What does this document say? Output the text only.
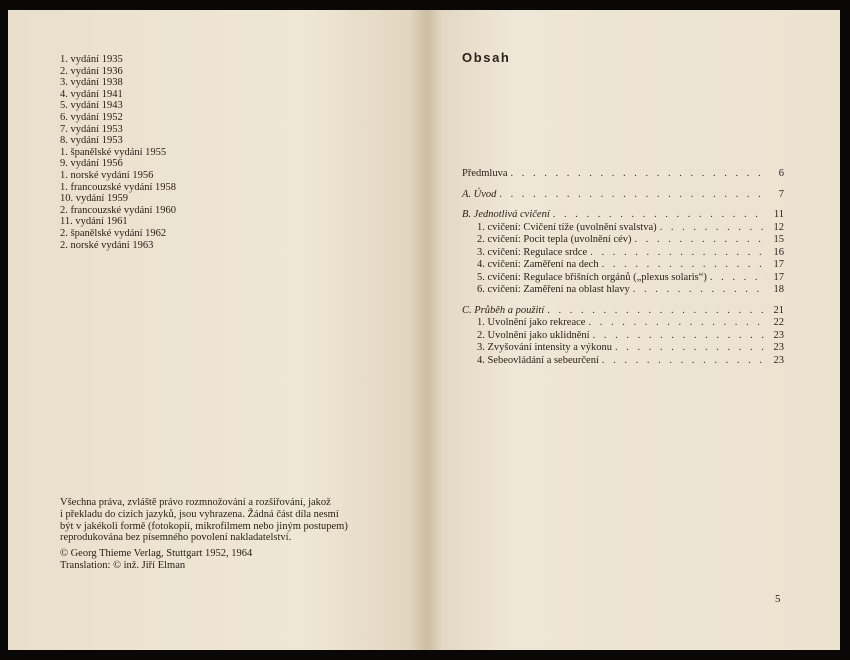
1. vydání 1935
2. vydání 1936
3. vydání 1938
4. vydání 1941
5. vydání 1943
6. vydání 1952
7. vydání 1953
8. vydání 1953
1. španělské vydání 1955
9. vydání 1956
1. norské vydání 1956
1. francouzské vydání 1958
10. vydání 1959
2. francouzské vydání 1960
11. vydání 1961
2. španělské vydání 1962
2. norské vydání 1963

Všechna práva, zvláště právo rozmnožování a rozšiřování, jakož
i překladu do cizích jazyků, jsou vyhrazena. Žádná část díla nesmí
být v jakékoli formě (fotokopií, mikrofilmem nebo jiným postupem)
reprodukována bez písemného povolení nakladatelství.

© Georg Thieme Verlag, Stuttgart 1952, 1964
Translation: © inž. Jiří Elman
Obsah
Předmluva . . .	6
A. Úvod . . .	7
B. Jednotlivá cvičení . . .	11
1. cvičení: Cvičení tíže (uvolnění svalstva) . . .	12
2. cvičení: Pocit tepla (uvolnění cév) . . .	15
3. cvičení: Regulace srdce . . .	16
4. cvičení: Zaměření na dech . . .	17
5. cvičení: Regulace břišních orgánů („plexus solaris“) . . .	17
6. cvičení: Zaměření na oblast hlavy . . .	18
C. Průběh a použití . . .	21
1. Uvolnění jako rekreace . . .	22
2. Uvolnění jako uklidnění . . .	23
3. Zvyšování intensity a výkonu . . .	23
4. Sebeovládání a sebeurčení . . .	23
5
